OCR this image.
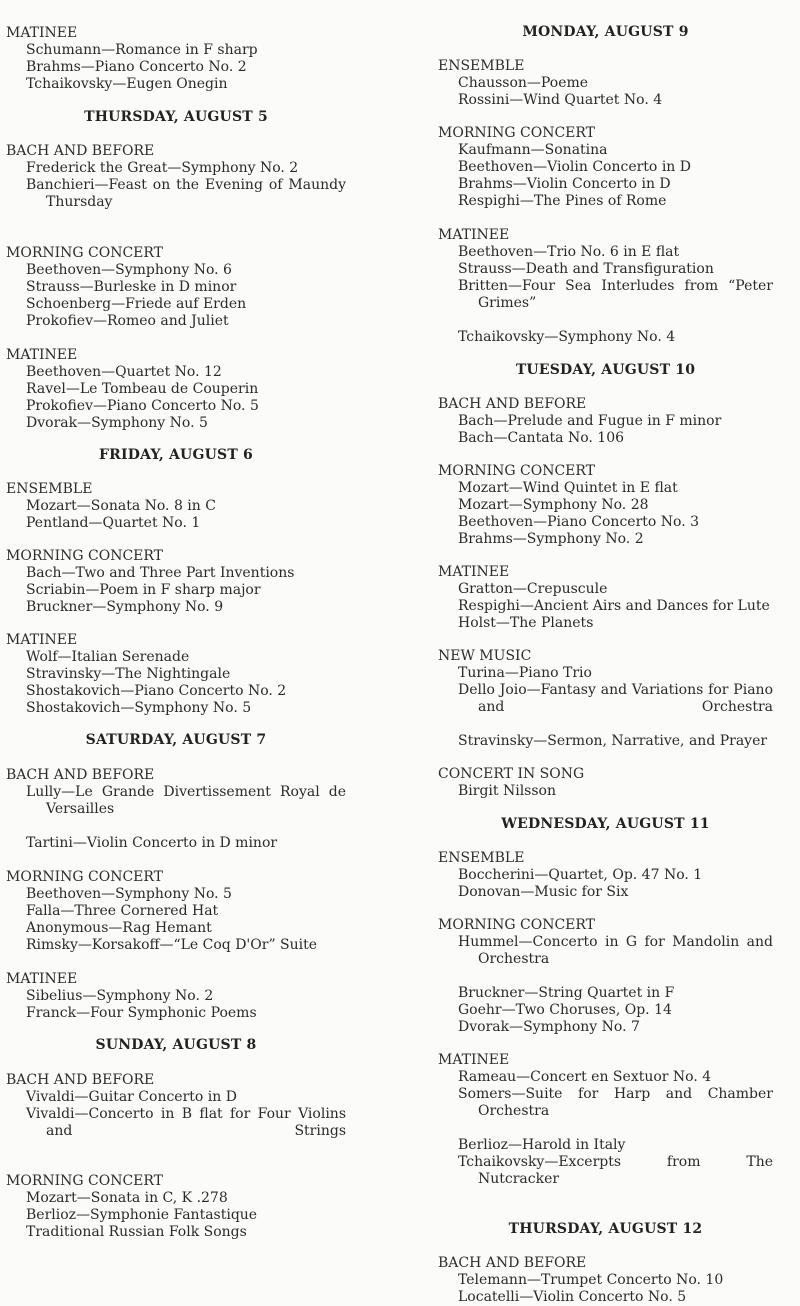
MATINEE
Schumann—Romance in F sharp
Brahms—Piano Concerto No. 2
Tchaikovsky—Eugen Onegin
THURSDAY, AUGUST 5
BACH AND BEFORE
Frederick the Great—Symphony No. 2
Banchieri—Feast on the Evening of Maundy Thursday
MORNING CONCERT
Beethoven—Symphony No. 6
Strauss—Burleske in D minor
Schoenberg—Friede auf Erden
Prokofiev—Romeo and Juliet
MATINEE
Beethoven—Quartet No. 12
Ravel—Le Tombeau de Couperin
Prokofiev—Piano Concerto No. 5
Dvorak—Symphony No. 5
FRIDAY, AUGUST 6
ENSEMBLE
Mozart—Sonata No. 8 in C
Pentland—Quartet No. 1
MORNING CONCERT
Bach—Two and Three Part Inventions
Scriabin—Poem in F sharp major
Bruckner—Symphony No. 9
MATINEE
Wolf—Italian Serenade
Stravinsky—The Nightingale
Shostakovich—Piano Concerto No. 2
Shostakovich—Symphony No. 5
SATURDAY, AUGUST 7
BACH AND BEFORE
Lully—Le Grande Divertissement Royal de Versailles
Tartini—Violin Concerto in D minor
MORNING CONCERT
Beethoven—Symphony No. 5
Falla—Three Cornered Hat
Anonymous—Rag Hemant
Rimsky—Korsakoff—“Le Coq D'Or” Suite
MATINEE
Sibelius—Symphony No. 2
Franck—Four Symphonic Poems
SUNDAY, AUGUST 8
BACH AND BEFORE
Vivaldi—Guitar Concerto in D
Vivaldi—Concerto in B flat for Four Violins and Strings
MORNING CONCERT
Mozart—Sonata in C, K .278
Berlioz—Symphonie Fantastique
Traditional Russian Folk Songs
MONDAY, AUGUST 9
ENSEMBLE
Chausson—Poeme
Rossini—Wind Quartet No. 4
MORNING CONCERT
Kaufmann—Sonatina
Beethoven—Violin Concerto in D
Brahms—Violin Concerto in D
Respighi—The Pines of Rome
MATINEE
Beethoven—Trio No. 6 in E flat
Strauss—Death and Transfiguration
Britten—Four Sea Interludes from “Peter Grimes”
Tchaikovsky—Symphony No. 4
TUESDAY, AUGUST 10
BACH AND BEFORE
Bach—Prelude and Fugue in F minor
Bach—Cantata No. 106
MORNING CONCERT
Mozart—Wind Quintet in E flat
Mozart—Symphony No. 28
Beethoven—Piano Concerto No. 3
Brahms—Symphony No. 2
MATINEE
Gratton—Crepuscule
Respighi—Ancient Airs and Dances for Lute
Holst—The Planets
NEW MUSIC
Turina—Piano Trio
Dello Joio—Fantasy and Variations for Piano and Orchestra
Stravinsky—Sermon, Narrative, and Prayer
CONCERT IN SONG
Birgit Nilsson
WEDNESDAY, AUGUST 11
ENSEMBLE
Boccherini—Quartet, Op. 47 No. 1
Donovan—Music for Six
MORNING CONCERT
Hummel—Concerto in G for Mandolin and Orchestra
Bruckner—String Quartet in F
Goehr—Two Choruses, Op. 14
Dvorak—Symphony No. 7
MATINEE
Rameau—Concert en Sextuor No. 4
Somers—Suite for Harp and Chamber Orchestra
Berlioz—Harold in Italy
Tchaikovsky—Excerpts from The Nutcracker
THURSDAY, AUGUST 12
BACH AND BEFORE
Telemann—Trumpet Concerto No. 10
Locatelli—Violin Concerto No. 5
